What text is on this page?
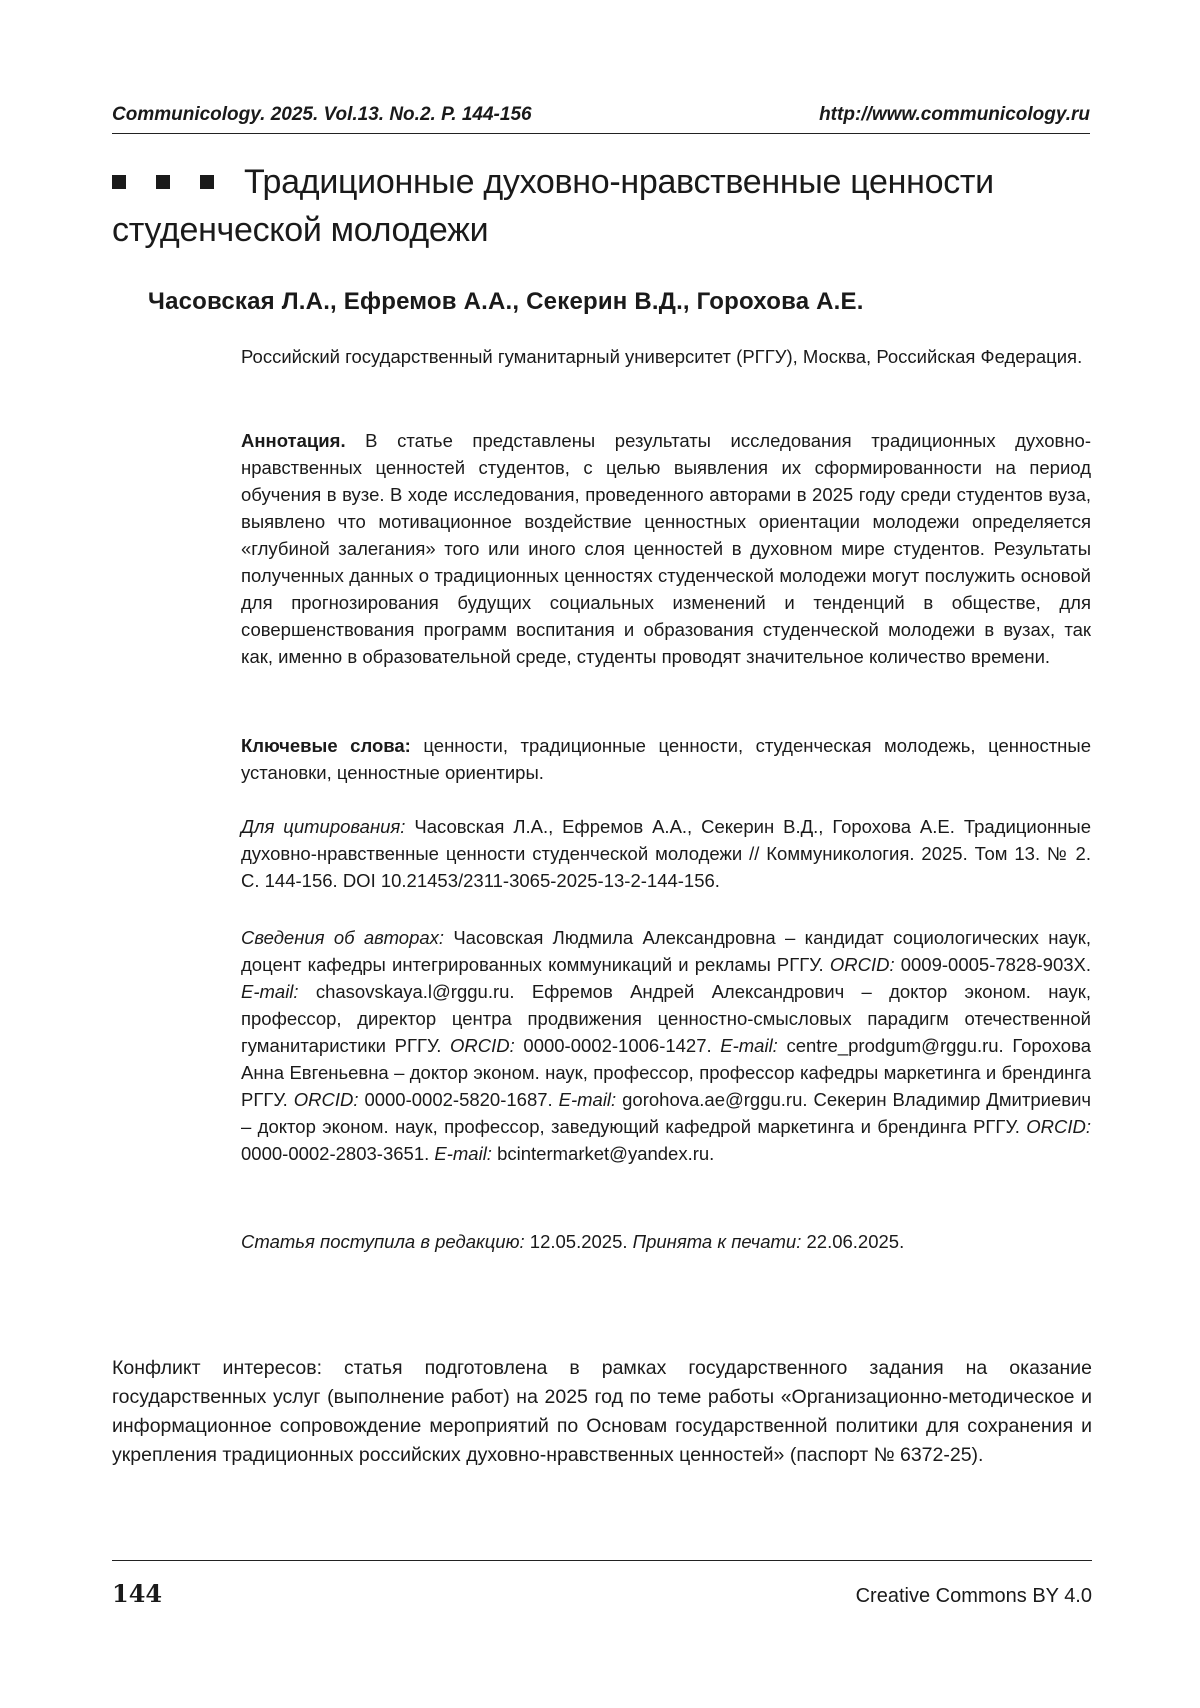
Communicology. 2025. Vol.13. No.2. P. 144-156	http://www.communicology.ru
Традиционные духовно-нравственные ценности
студенческой молодежи

Часовская Л.А., Ефремов А.А., Секерин В.Д., Горохова А.Е.

Российский государственный гуманитарный университет (РГГУ), Москва, Российская Федерация.

Аннотация. В статье представлены результаты исследования традиционных духовно-нравственных ценностей студентов, с целью выявления их сформированности на период обучения в вузе. В ходе исследования, проведенного авторами в 2025 году среди студентов вуза, выявлено что мотивационное воздействие ценностных ориентации молодежи определяется «глубиной залегания» того или иного слоя ценностей в духовном мире студентов. Результаты полученных данных о традиционных ценностях студенческой молодежи могут послужить основой для прогнозирования будущих социальных изменений и тенденций в обществе, для совершенствования программ воспитания и образования студенческой молодежи в вузах, так как, именно в образовательной среде, студенты проводят значительное количество времени.

Ключевые слова: ценности, традиционные ценности, студенческая молодежь, ценностные установки, ценностные ориентиры.

Для цитирования: Часовская Л.А., Ефремов А.А., Секерин В.Д., Горохова А.Е. Традиционные духовно-нравственные ценности студенческой молодежи // Коммуникология. 2025. Том 13. № 2. С. 144-156. DOI 10.21453/2311-3065-2025-13-2-144-156.

Сведения об авторах: Часовская Людмила Александровна – кандидат социологических наук, доцент кафедры интегрированных коммуникаций и рекламы РГГУ. ORCID: 0009-0005-7828-903X. E-mail: chasovskaya.l@rggu.ru. Ефремов Андрей Александрович – доктор эконом. наук, профессор, директор центра продвижения ценностно-смысловых парадигм отечественной гуманитаристики РГГУ. ORCID: 0000-0002-1006-1427. E-mail: centre_prodgum@rggu.ru. Горохова Анна Евгеньевна – доктор эконом. наук, профессор, профессор кафедры маркетинга и брендинга РГГУ. ORCID: 0000-0002-5820-1687. E-mail: gorohova.ae@rggu.ru. Секерин Владимир Дмитриевич – доктор эконом. наук, профессор, заведующий кафедрой маркетинга и брендинга РГГУ. ORCID: 0000-0002-2803-3651. E-mail: bcintermarket@yandex.ru.

Статья поступила в редакцию: 12.05.2025. Принята к печати: 22.06.2025.

Конфликт интересов: статья подготовлена в рамках государственного задания на оказание государственных услуг (выполнение работ) на 2025 год по теме работы «Организационно-методическое и информационное сопровождение мероприятий по Основам государственной политики для сохранения и укрепления традиционных российских духовно-нравственных ценностей» (паспорт № 6372-25).

144	Creative Commons BY 4.0
